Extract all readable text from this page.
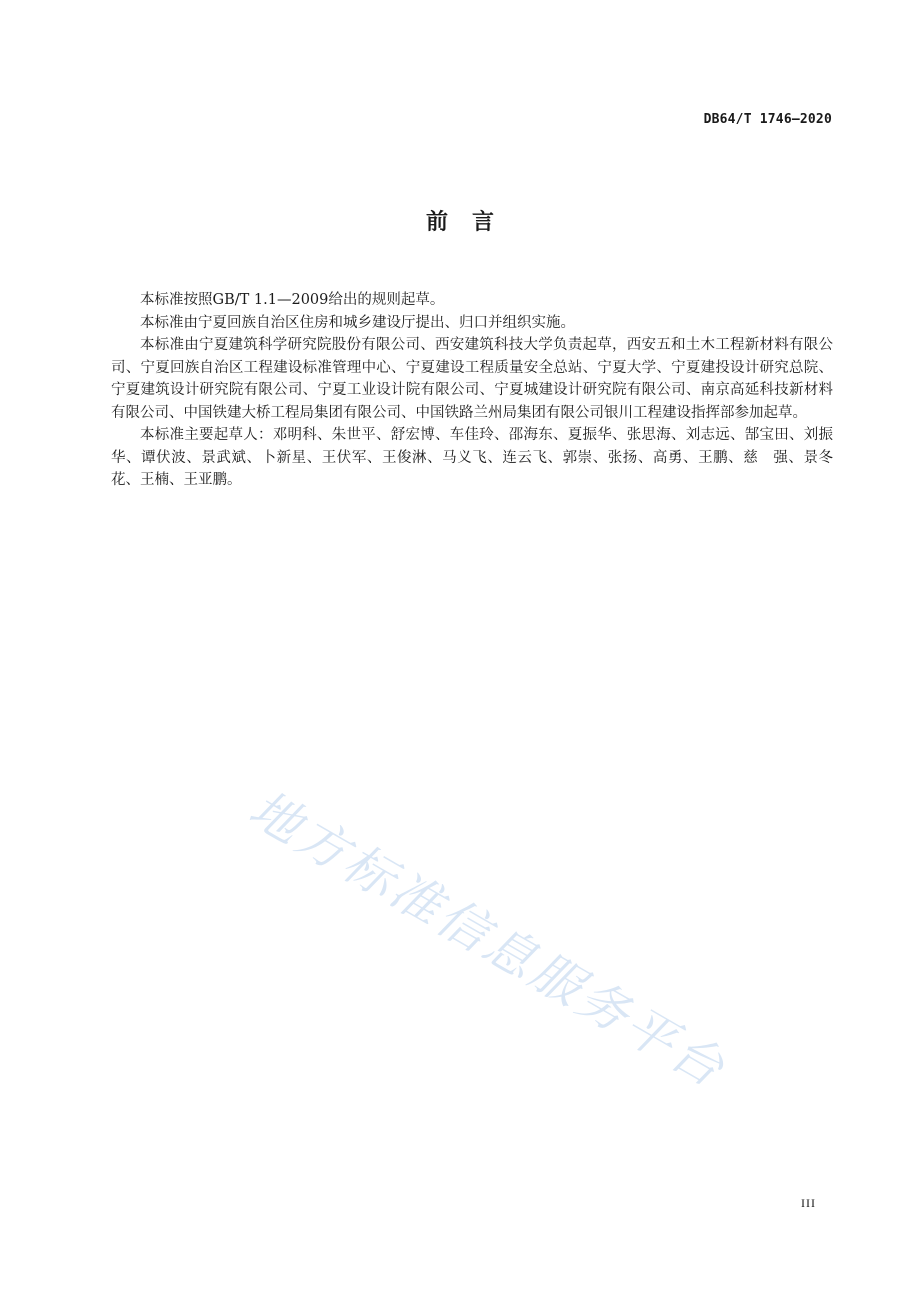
DB64/T 1746—2020
前言

本标准按照GB/T 1.1—2009给出的规则起草。

本标准由宁夏回族自治区住房和城乡建设厅提出、归口并组织实施。

本标准由宁夏建筑科学研究院股份有限公司、西安建筑科技大学负责起草，西安五和土木工程新材料有限公司、宁夏回族自治区工程建设标准管理中心、宁夏建设工程质量安全总站、宁夏大学、宁夏建投设计研究总院、宁夏建筑设计研究院有限公司、宁夏工业设计院有限公司、宁夏城建设计研究院有限公司、南京高延科技新材料有限公司、中国铁建大桥工程局集团有限公司、中国铁路兰州局集团有限公司银川工程建设指挥部参加起草。

本标准主要起草人：邓明科、朱世平、舒宏博、车佳玲、邵海东、夏振华、张思海、刘志远、郜宝田、刘振华、谭伏波、景武斌、卜新星、王伏军、王俊淋、马义飞、连云飞、郭崇、张扬、高勇、王鹏、慈　强、景冬花、王楠、王亚鹏。

地方标准信息服务平台
III
